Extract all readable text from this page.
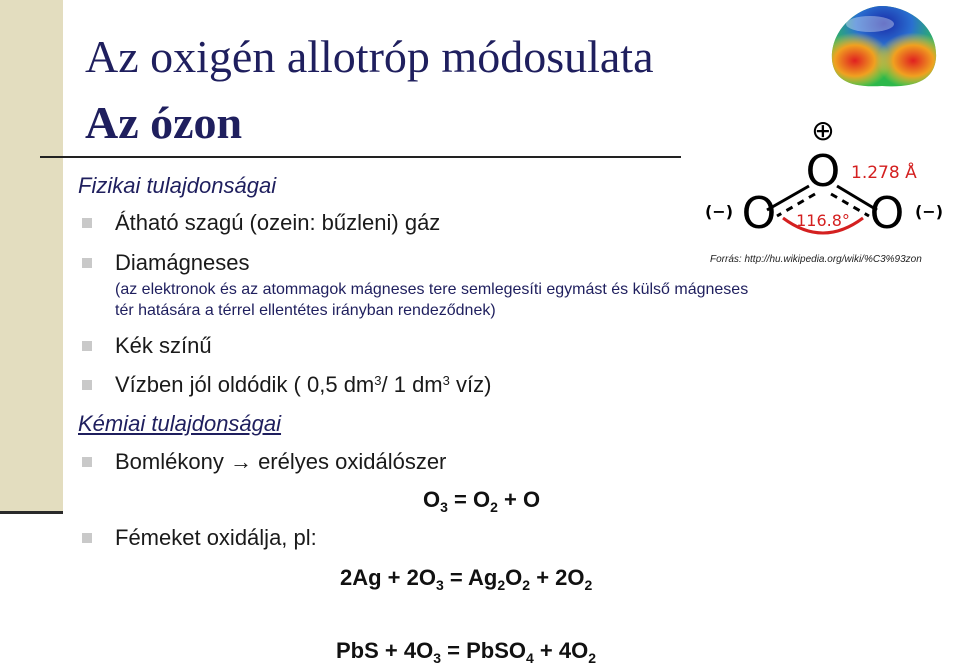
Az oxigén allotróp módosulata
Az ózon
Fizikai tulajdonságai
Átható szagú (ozein: bűzleni) gáz
Diamágneses
(az elektronok és az atommagok mágneses tere semlegesíti egymást és külső mágneses
tér hatására a térrel ellentétes irányban rendeződnek)
Kék színű
Vízben jól oldódik ( 0,5 $dm^3/$ 1 $dm^3$ víz)
Kémiai tulajdonságai
Bomlékony → erélyes oxidálószer
$O_3 = O_2 + O$
Fémeket oxidálja, pl:
$2Ag + 2O_3 = Ag_2O_2 + 2O_2$
PbS + $4O_3$ = PbSO$_4$ + $4O_2$
⊕
O
O O
(−)	(−)
1.278 Å
116.8°
Forrás: http://hu.wikipedia.org/wiki/%C3%93zon
